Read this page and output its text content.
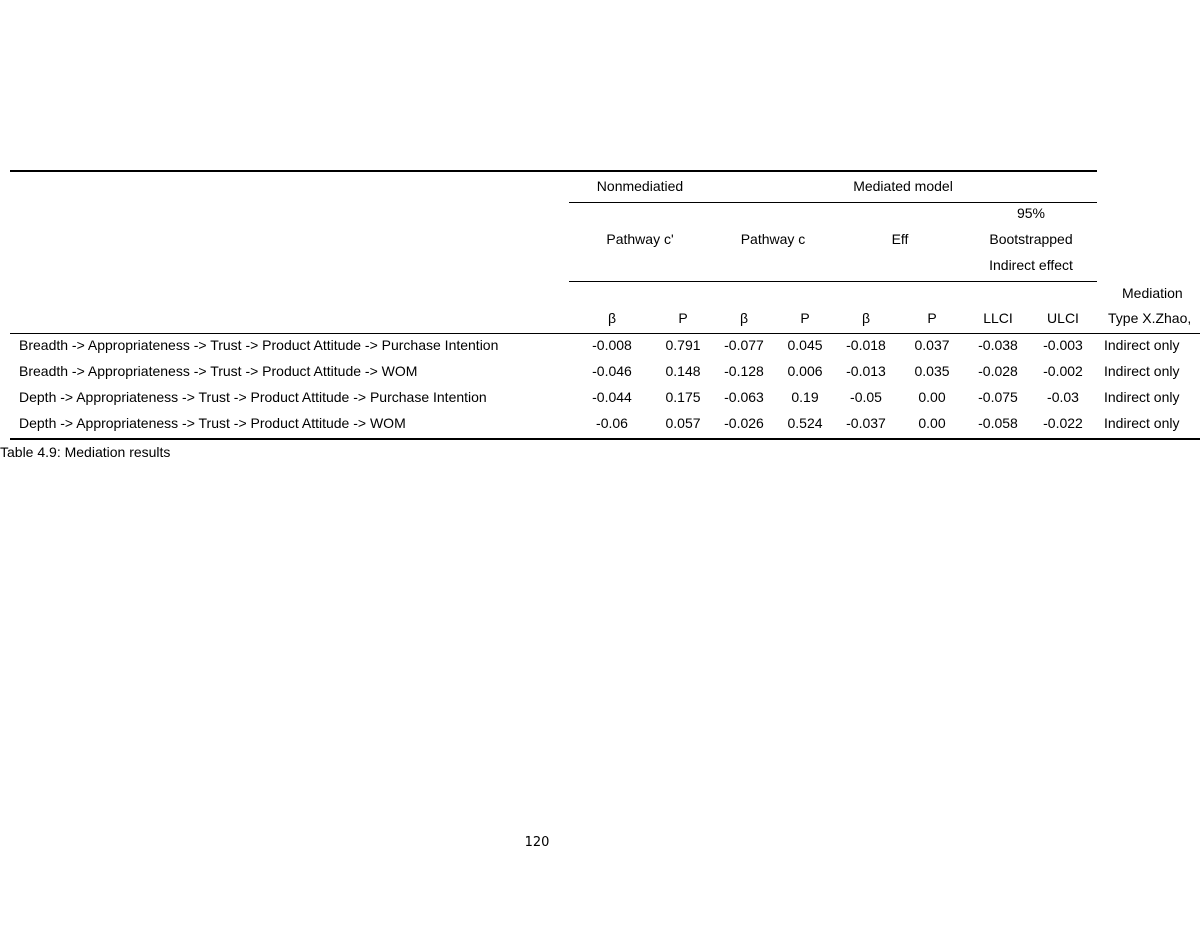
Nonmediatied	Mediated model
Pathway c'	Pathway c	Eff
95%
Bootstrapped
Indirect effect
Mediation
Type X.Zhao,
β	P	β	P	β	P	LLCI ULCI
Breadth -> Appropriateness -> Trust -> Product Attitude -> Purchase Intention	-0.008 0.791 -0.077 0.045 -0.018 0.037 -0.038 -0.003 Indirect only
Breadth -> Appropriateness -> Trust -> Product Attitude -> WOM	-0.046 0.148 -0.128 0.006 -0.013 0.035 -0.028 -0.002 Indirect only
Depth -> Appropriateness -> Trust -> Product Attitude -> Purchase Intention	-0.044 0.175 -0.063 0.19 -0.05	0.00 -0.075 -0.03 Indirect only
Depth -> Appropriateness -> Trust -> Product Attitude -> WOM	-0.06	0.057 -0.026 0.524 -0.037 0.00 -0.058 -0.022 Indirect only
Table 4.9: Mediation results
120
